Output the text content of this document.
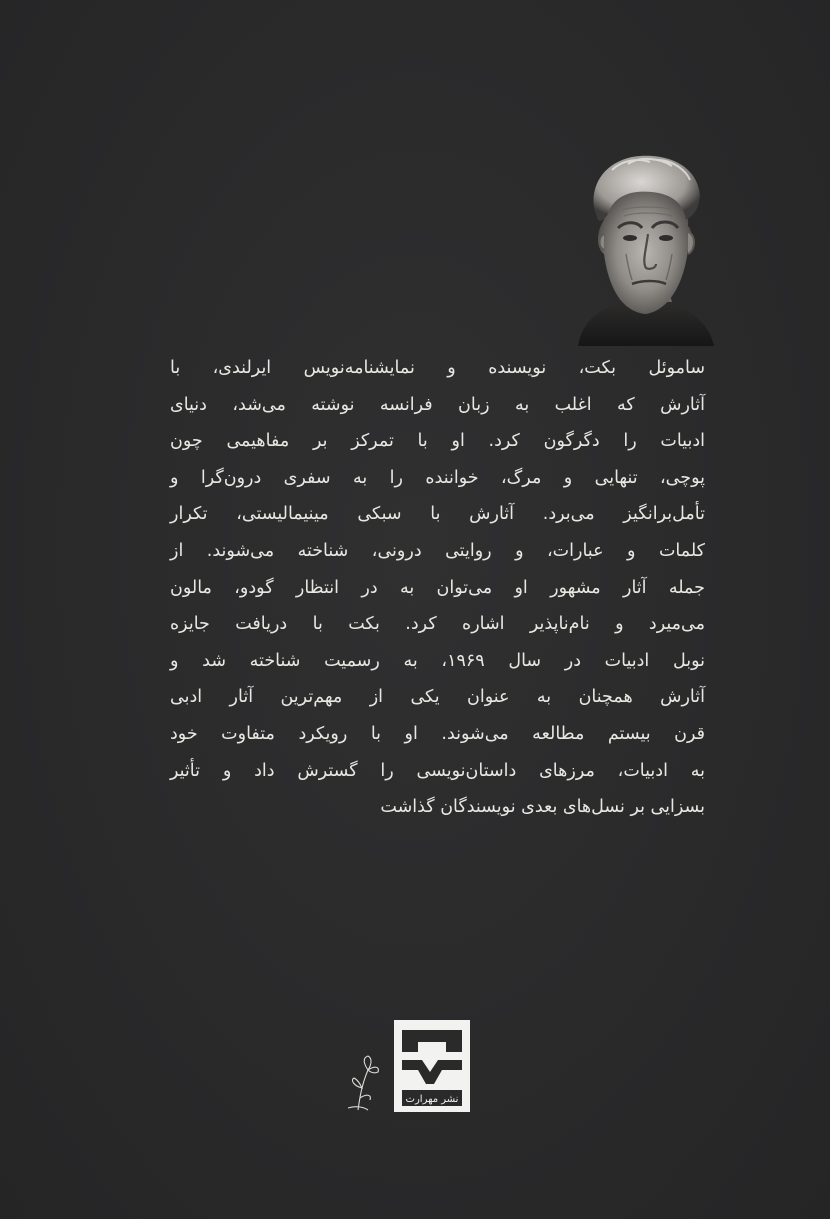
ساموئل بکت، نویسنده و نمایشنامه‌نویس ایرلندی، با
آثارش که اغلب به زبان فرانسه نوشته می‌شد، دنیای
ادبیات را دگرگون کرد. او با تمرکز بر مفاهیمی چون
پوچی، تنهایی و مرگ، خواننده را به سفری درون‌گرا و
تأمل‌برانگیز می‌برد. آثارش با سبکی مینیمالیستی، تکرار
کلمات و عبارات، و روایتی درونی، شناخته می‌شوند. از
جمله آثار مشهور او می‌توان به در انتظار گودو، مالون
می‌میرد و نام‌ناپذیر اشاره کرد. بکت با دریافت جایزه
نوبل ادبیات در سال ۱۹۶۹، به رسمیت شناخته شد و
آثارش همچنان به عنوان یکی از مهم‌ترین آثار ادبی
قرن بیستم مطالعه می‌شوند. او با رویکرد متفاوت خود
به ادبیات، مرزهای داستان‌نویسی را گسترش داد و تأثیر
بسزایی بر نسل‌های بعدی نویسندگان گذاشت
نشر مهرارت
